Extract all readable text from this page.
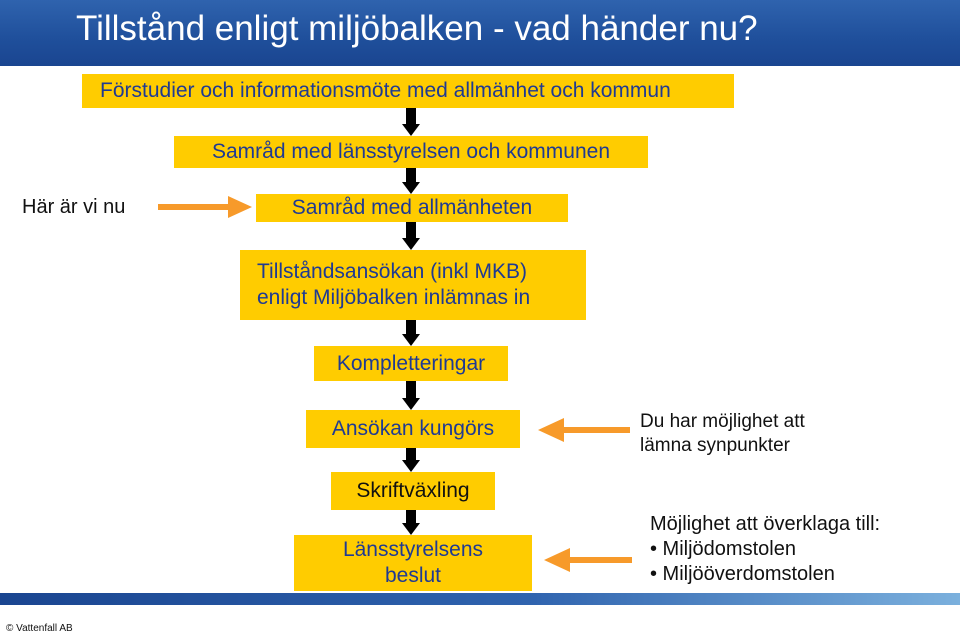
Tillstånd enligt miljöbalken - vad händer nu?
Förstudier och informationsmöte med allmänhet och kommun
Samråd med länsstyrelsen och kommunen
Samråd med allmänheten
Tillståndsansökan (inkl MKB)
enligt Miljöbalken inlämnas in
Kompletteringar
Ansökan kungörs
Skriftväxling
Länsstyrelsens
beslut
Här är vi nu
Du har möjlighet att
lämna synpunkter
Möjlighet att överklaga till:
• Miljödomstolen
• Miljööverdomstolen
© Vattenfall AB
